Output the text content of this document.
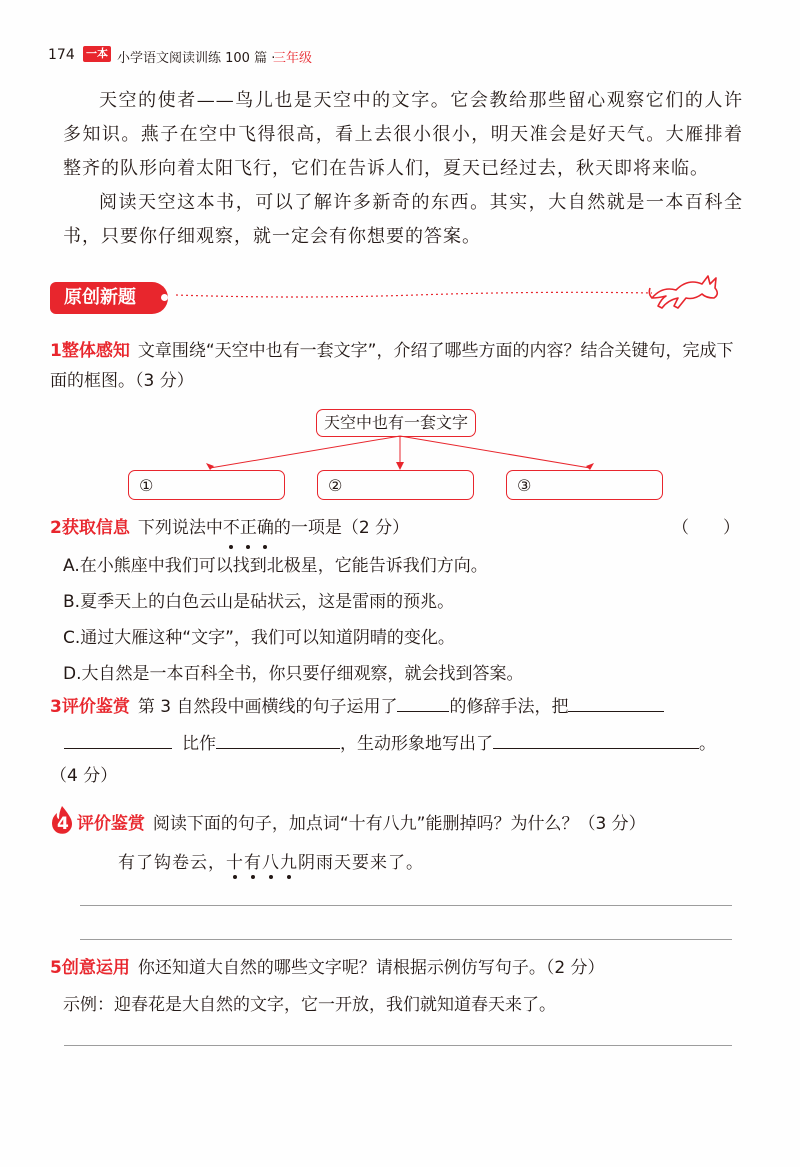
174 一本 小学语文阅读训练 100 篇 ·
三年级
天空的使者——鸟儿也是天空中的文字。它会教给那些留心观察它们的人许多知识。燕子在空中飞得很高，看上去很小很小，明天准会是好天气。大雁排着整齐的队形向着太阳飞行，它们在告诉人们，夏天已经过去，秋天即将来临。
阅读天空这本书，可以了解许多新奇的东西。其实，大自然就是一本百科全书，只要你仔细观察，就一定会有你想要的答案。
原创新题
1整体感知 文章围绕“天空中也有一套文字”，介绍了哪些方面的内容？结合关键句，完成下面的框图。（3 分）
天空中也有一套文字
①	②	③
2获取信息 下列说法中不正确的一项是（2 分）	（　　）
A.在小熊座中我们可以找到北极星，它能告诉我们方向。
B.夏季天上的白色云山是砧状云，这是雷雨的预兆。
C.通过大雁这种“文字”，我们可以知道阴晴的变化。
D.大自然是一本百科全书，你只要仔细观察，就会找到答案。
3评价鉴赏 第 3 自然段中画横线的句子运用了	的修辞手法，把
比作	，生动形象地写出了	。
（4 分）
4 评价鉴赏 阅读下面的句子，加点词“十有八九”能删掉吗？为什么？（3 分）
有了钩卷云，十有八九阴雨天要来了。
5创意运用 你还知道大自然的哪些文字呢？请根据示例仿写句子。（2 分）
示例：迎春花是大自然的文字，它一开放，我们就知道春天来了。
